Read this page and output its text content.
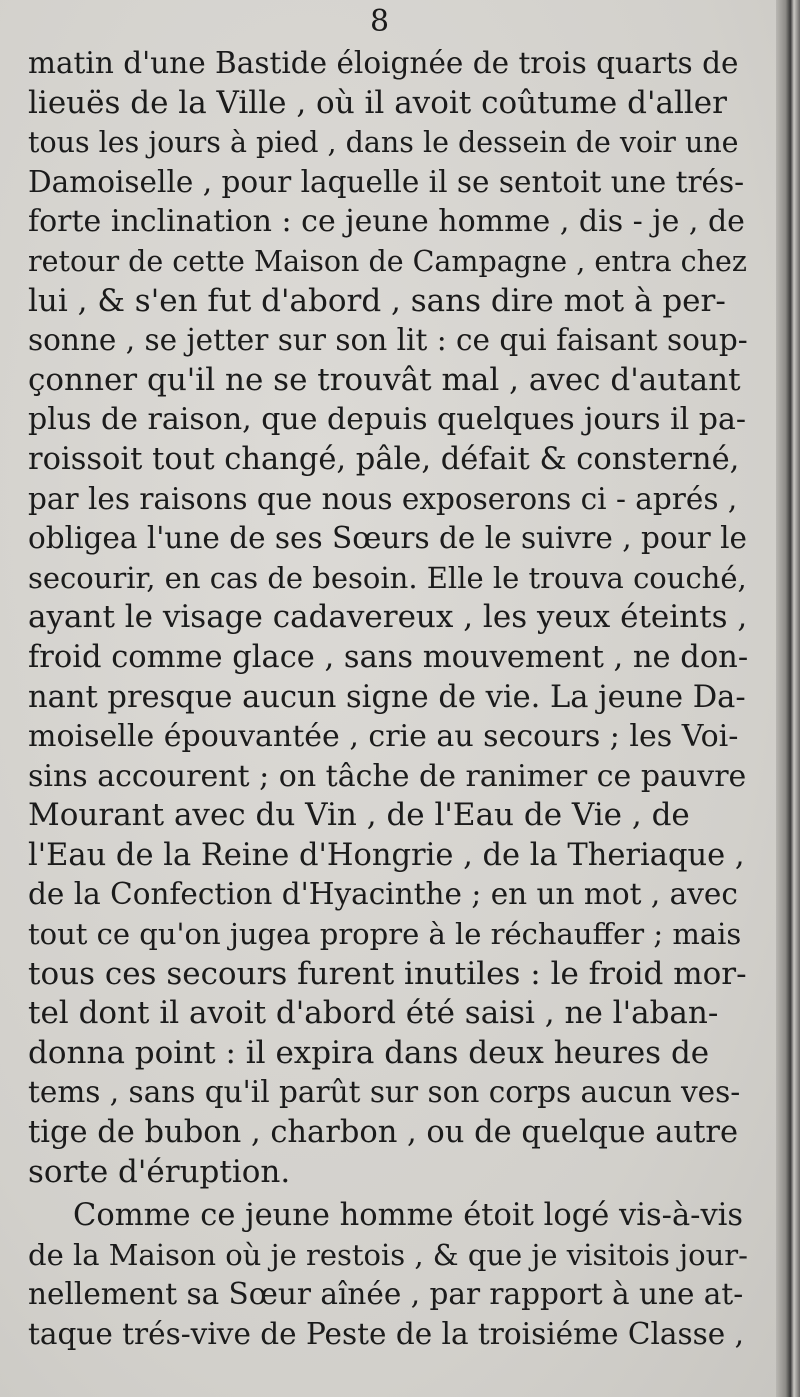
8
matin d'une Bastide éloignée de trois quarts de
lieuës de la Ville , où il avoit coûtume d'aller
tous les jours à pied , dans le dessein de voir une
Damoiselle , pour laquelle il se sentoit une trés-
forte inclination : ce jeune homme , dis - je , de
retour de cette Maison de Campagne , entra chez
lui , & s'en fut d'abord , sans dire mot à per-
sonne , se jetter sur son lit : ce qui faisant soup-
çonner qu'il ne se trouvât mal , avec d'autant
plus de raison, que depuis quelques jours il pa-
roissoit tout changé, pâle, défait & consterné,
par les raisons que nous exposerons ci - aprés ,
obligea l'une de ses Sœurs de le suivre , pour le
secourir, en cas de besoin. Elle le trouva couché,
ayant le visage cadavereux , les yeux éteints ,
froid comme glace , sans mouvement , ne don-
nant presque aucun signe de vie. La jeune Da-
moiselle épouvantée , crie au secours ; les Voi-
sins accourent ; on tâche de ranimer ce pauvre
Mourant avec du Vin , de l'Eau de Vie , de
l'Eau de la Reine d'Hongrie , de la Theriaque ,
de la Confection d'Hyacinthe ; en un mot , avec
tout ce qu'on jugea propre à le réchauffer ; mais
tous ces secours furent inutiles : le froid mor-
tel dont il avoit d'abord été saisi , ne l'aban-
donna point : il expira dans deux heures de
tems , sans qu'il parût sur son corps aucun ves-
tige de bubon , charbon , ou de quelque autre
sorte d'éruption.
Comme ce jeune homme étoit logé vis-à-vis
de la Maison où je restois , & que je visitois jour-
nellement sa Sœur aînée , par rapport à une at-
taque trés-vive de Peste de la troisiéme Classe ,
